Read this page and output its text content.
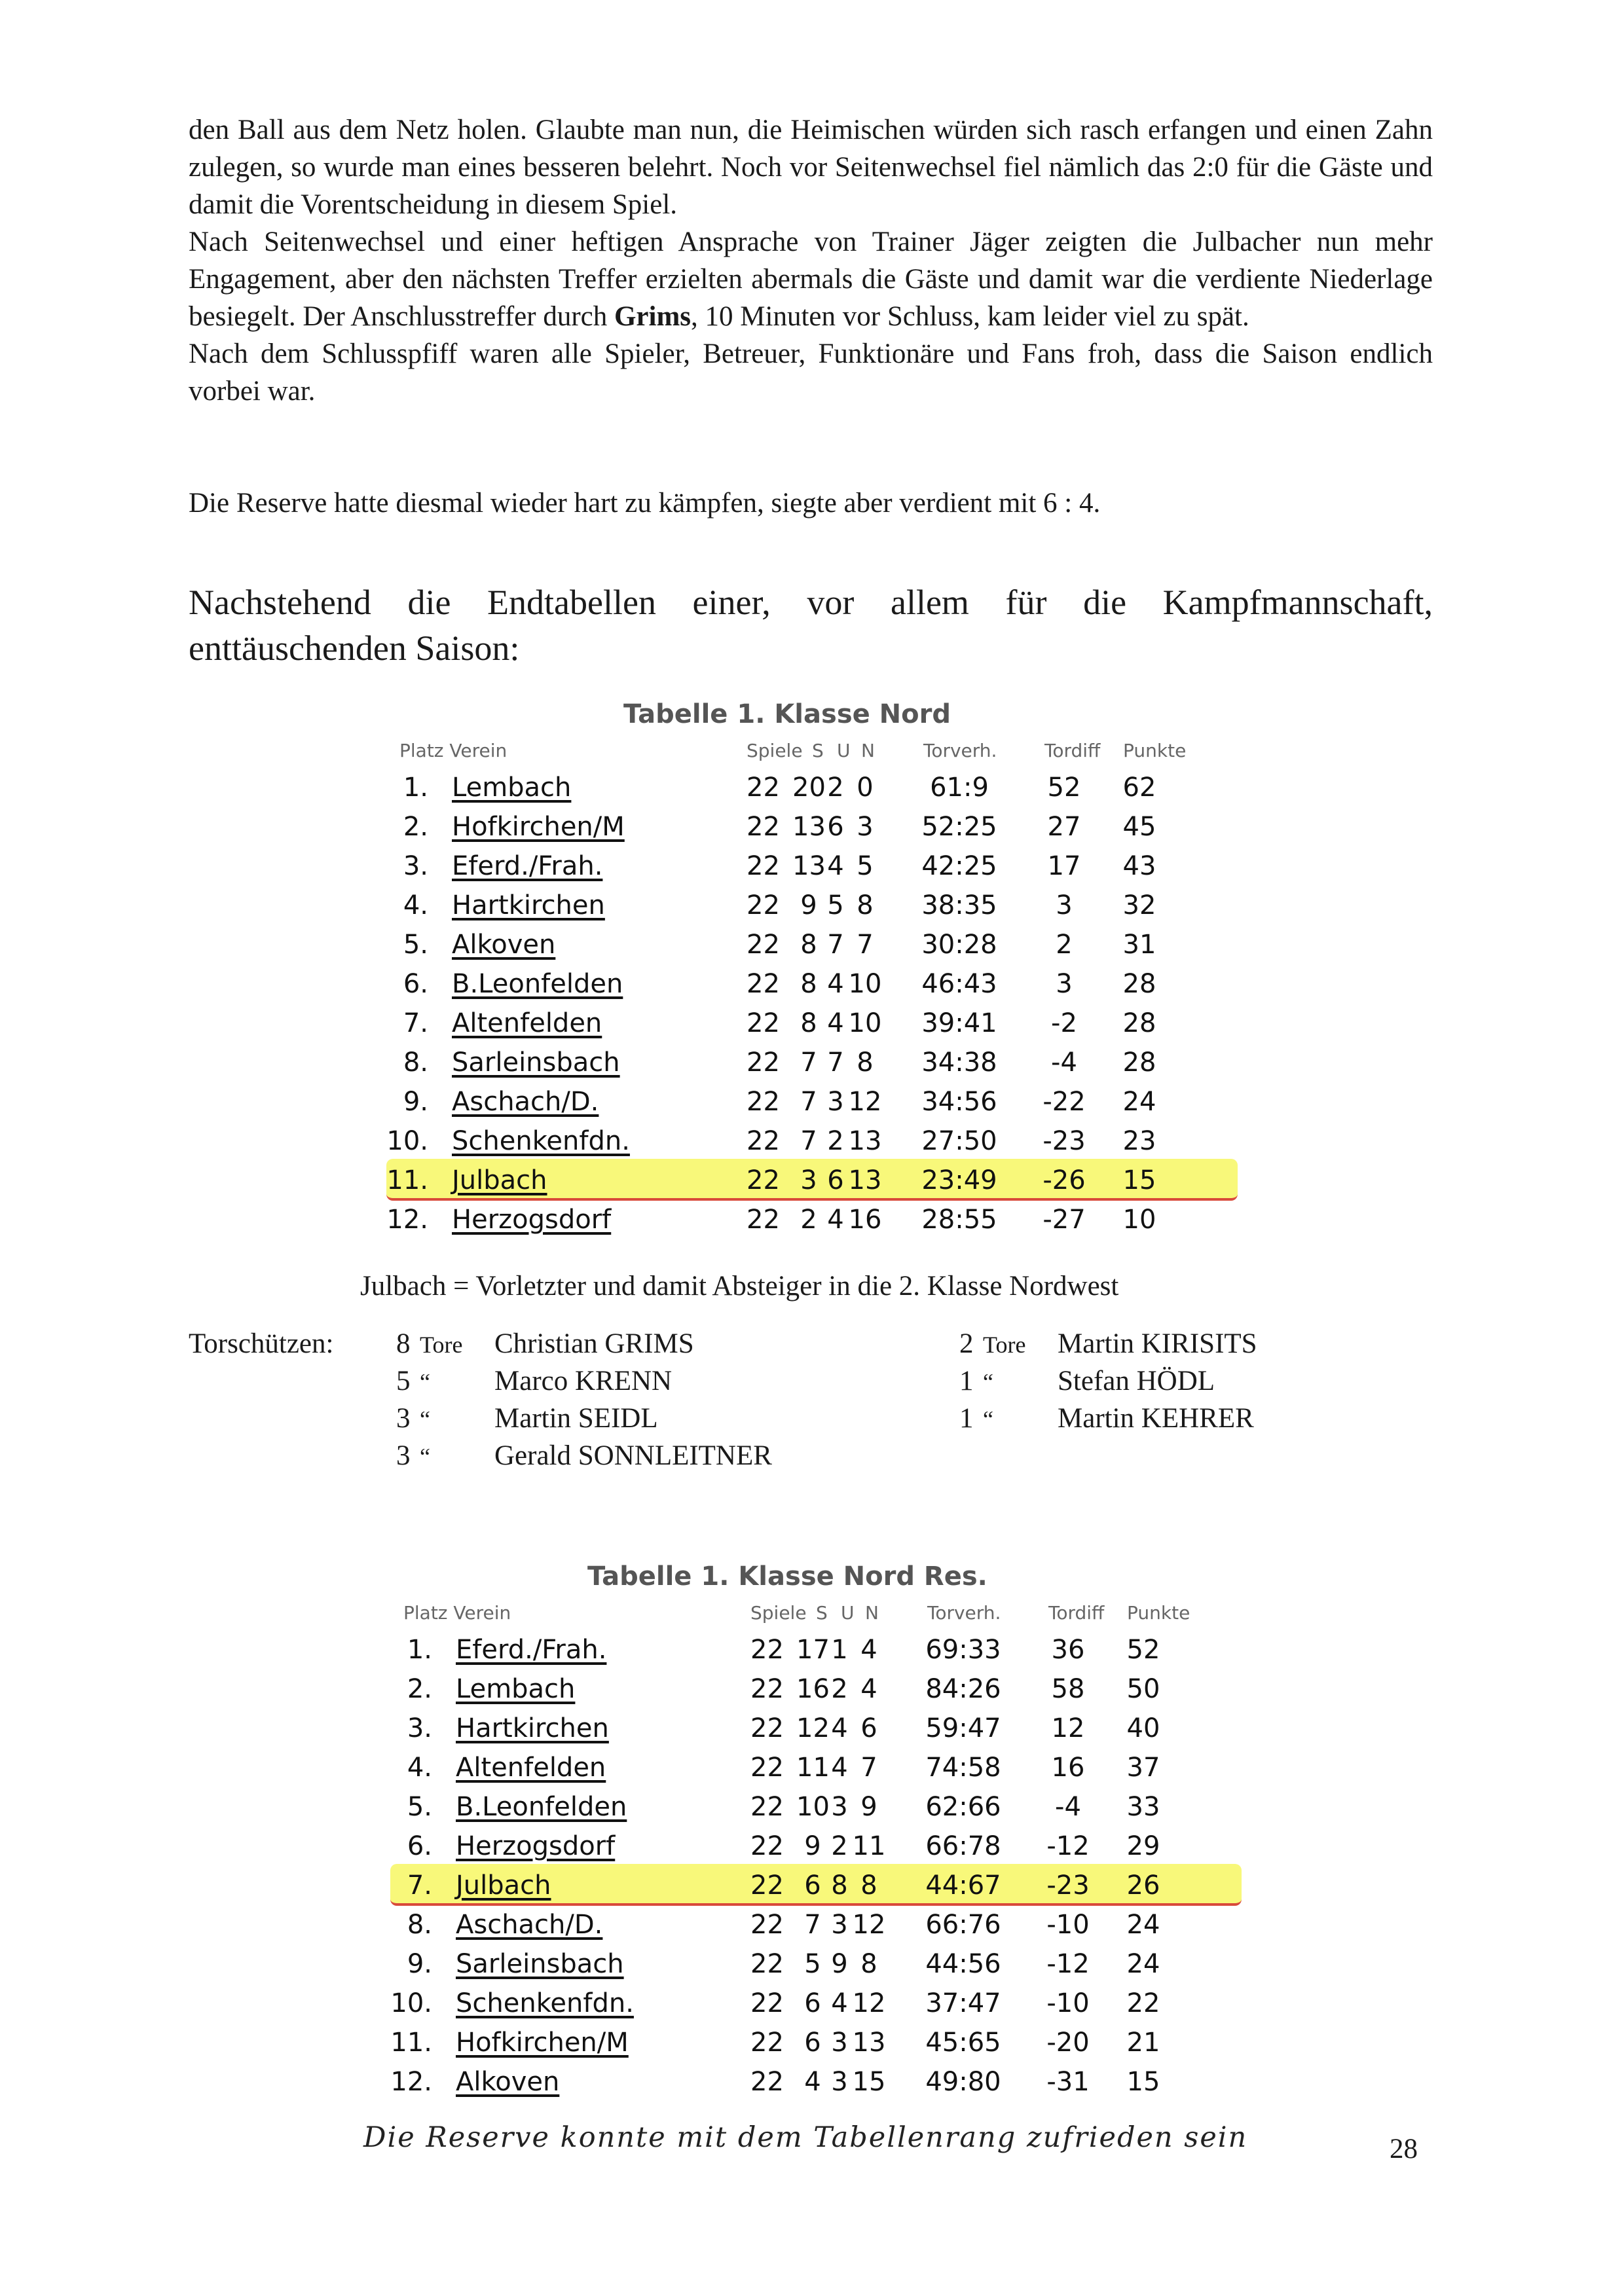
den Ball aus dem Netz holen. Glaubte man nun, die Heimischen würden sich rasch erfangen und einen Zahn zulegen, so wurde man eines besseren belehrt. Noch vor Seitenwechsel fiel nämlich das 2:0 für die Gäste und damit die Vorentscheidung in diesem Spiel.
Nach Seitenwechsel und einer heftigen Ansprache von Trainer Jäger zeigten die Julbacher nun mehr Engagement, aber den nächsten Treffer erzielten abermals die Gäste und damit war die verdiente Niederlage besiegelt. Der Anschlusstreffer durch Grims, 10 Minuten vor Schluss, kam leider viel zu spät.
Nach dem Schlusspfiff waren alle Spieler, Betreuer, Funktionäre und Fans froh, dass die Saison endlich vorbei war.
Die Reserve hatte diesmal wieder hart zu kämpfen, siegte aber verdient mit 6 : 4.
Nachstehend die Endtabellen einer, vor allem für die Kampfmannschaft, enttäuschenden Saison:
Tabelle 1. Klasse Nord
Platz Verein	Spiele S U N	Torverh.	Tordiff Punkte
1. Lembach	22 20 2 0	61:9	52	62
2. Hofkirchen/M	22 13 6 3	52:25	27	45
3. Eferd./Frah.	22 13 4 5	42:25	17	43
4. Hartkirchen	22 9 5 8	38:35	3	32
5. Alkoven	22 8 7 7	30:28	2	31
6. B.Leonfelden	22 8 4 10	46:43	3	28
7. Altenfelden	22 8 4 10	39:41	-2	28
8. Sarleinsbach	22 7 7 8	34:38	-4	28
9. Aschach/D.	22 7 3 12	34:56	-22	24
10. Schenkenfdn.	22 7 2 13	27:50	-23	23
11. Julbach	22 3 6 13	23:49	-26	15
12. Herzogsdorf	22 2 4 16	28:55	-27	10
Julbach = Vorletzter und damit Absteiger in die 2. Klasse Nordwest
Torschützen: 8 Tore Christian GRIMS
5 “ Marco KRENN
3 “ Martin SEIDL
3 “ Gerald SONNLEITNER
2 Tore Martin KIRISITS
1 “ Stefan HÖDL
1 “ Martin KEHRER
Tabelle 1. Klasse Nord Res.
Platz Verein	Spiele S U N	Torverh.	Tordiff Punkte
1. Eferd./Frah.	22 17 1 4	69:33	36	52
2. Lembach	22 16 2 4	84:26	58	50
3. Hartkirchen	22 12 4 6	59:47	12	40
4. Altenfelden	22 11 4 7	74:58	16	37
5. B.Leonfelden	22 10 3 9	62:66	-4	33
6. Herzogsdorf	22 9 2 11	66:78	-12	29
7. Julbach	22 6 8 8	44:67	-23	26
8. Aschach/D.	22 7 3 12	66:76	-10	24
9. Sarleinsbach	22 5 9 8	44:56	-12	24
10. Schenkenfdn.	22 6 4 12	37:47	-10	22
11. Hofkirchen/M	22 6 3 13	45:65	-20	21
12. Alkoven	22 4 3 15	49:80	-31	15
Die Reserve konnte mit dem Tabellenrang zufrieden sein	28
